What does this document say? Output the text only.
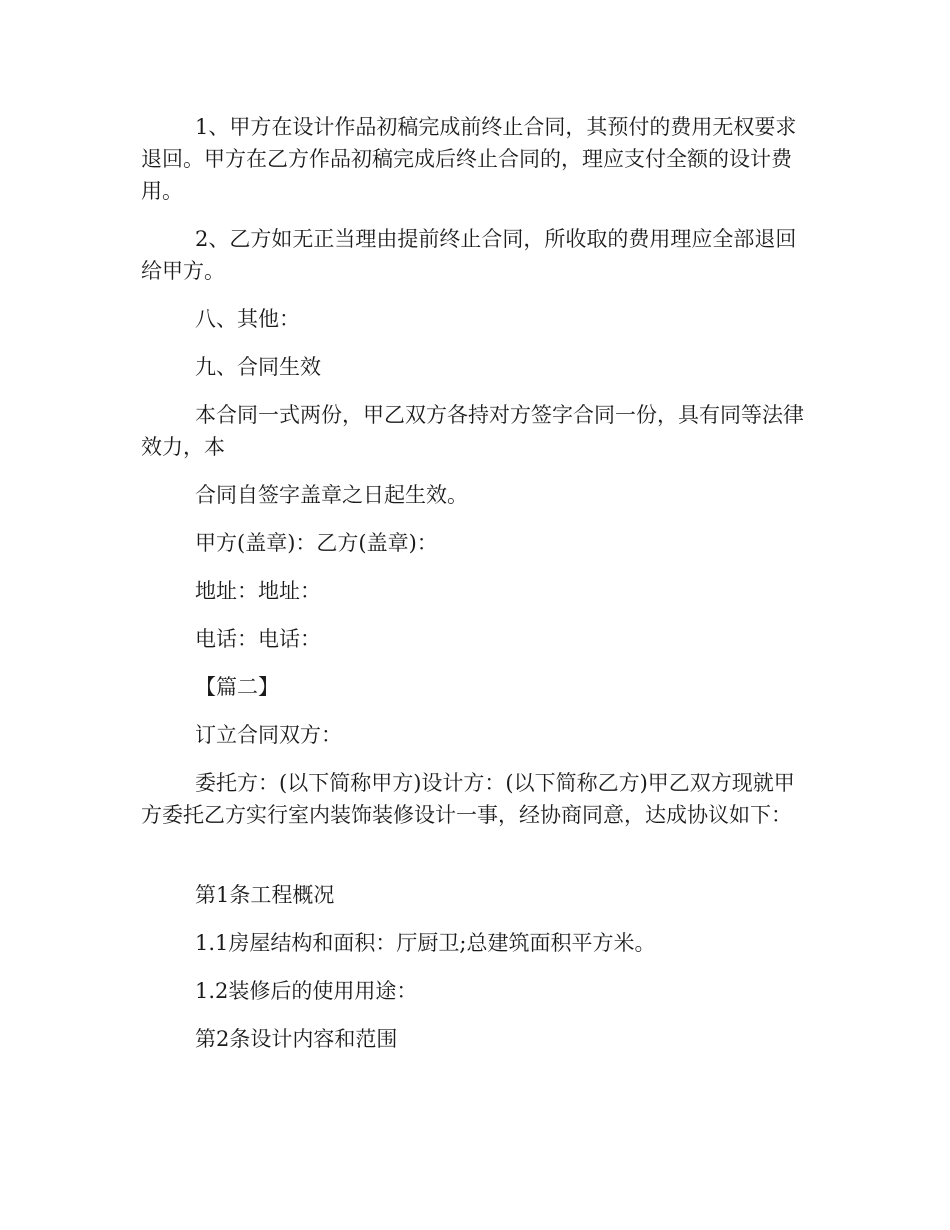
1、甲方在设计作品初稿完成前终止合同，其预付的费用无权要求退回。甲方在乙方作品初稿完成后终止合同的，理应支付全额的设计费用。

2、乙方如无正当理由提前终止合同，所收取的费用理应全部退回给甲方。

八、其他：

九、合同生效

本合同一式两份，甲乙双方各持对方签字合同一份，具有同等法律效力，本

合同自签字盖章之日起生效。

甲方(盖章)：乙方(盖章)：

地址：地址：

电话：电话：

【篇二】

订立合同双方：

委托方：(以下简称甲方)设计方：(以下简称乙方)甲乙双方现就甲方委托乙方实行室内装饰装修设计一事，经协商同意，达成协议如下：

第1条工程概况

1.1房屋结构和面积：厅厨卫;总建筑面积平方米。

1.2装修后的使用用途：

第2条设计内容和范围
